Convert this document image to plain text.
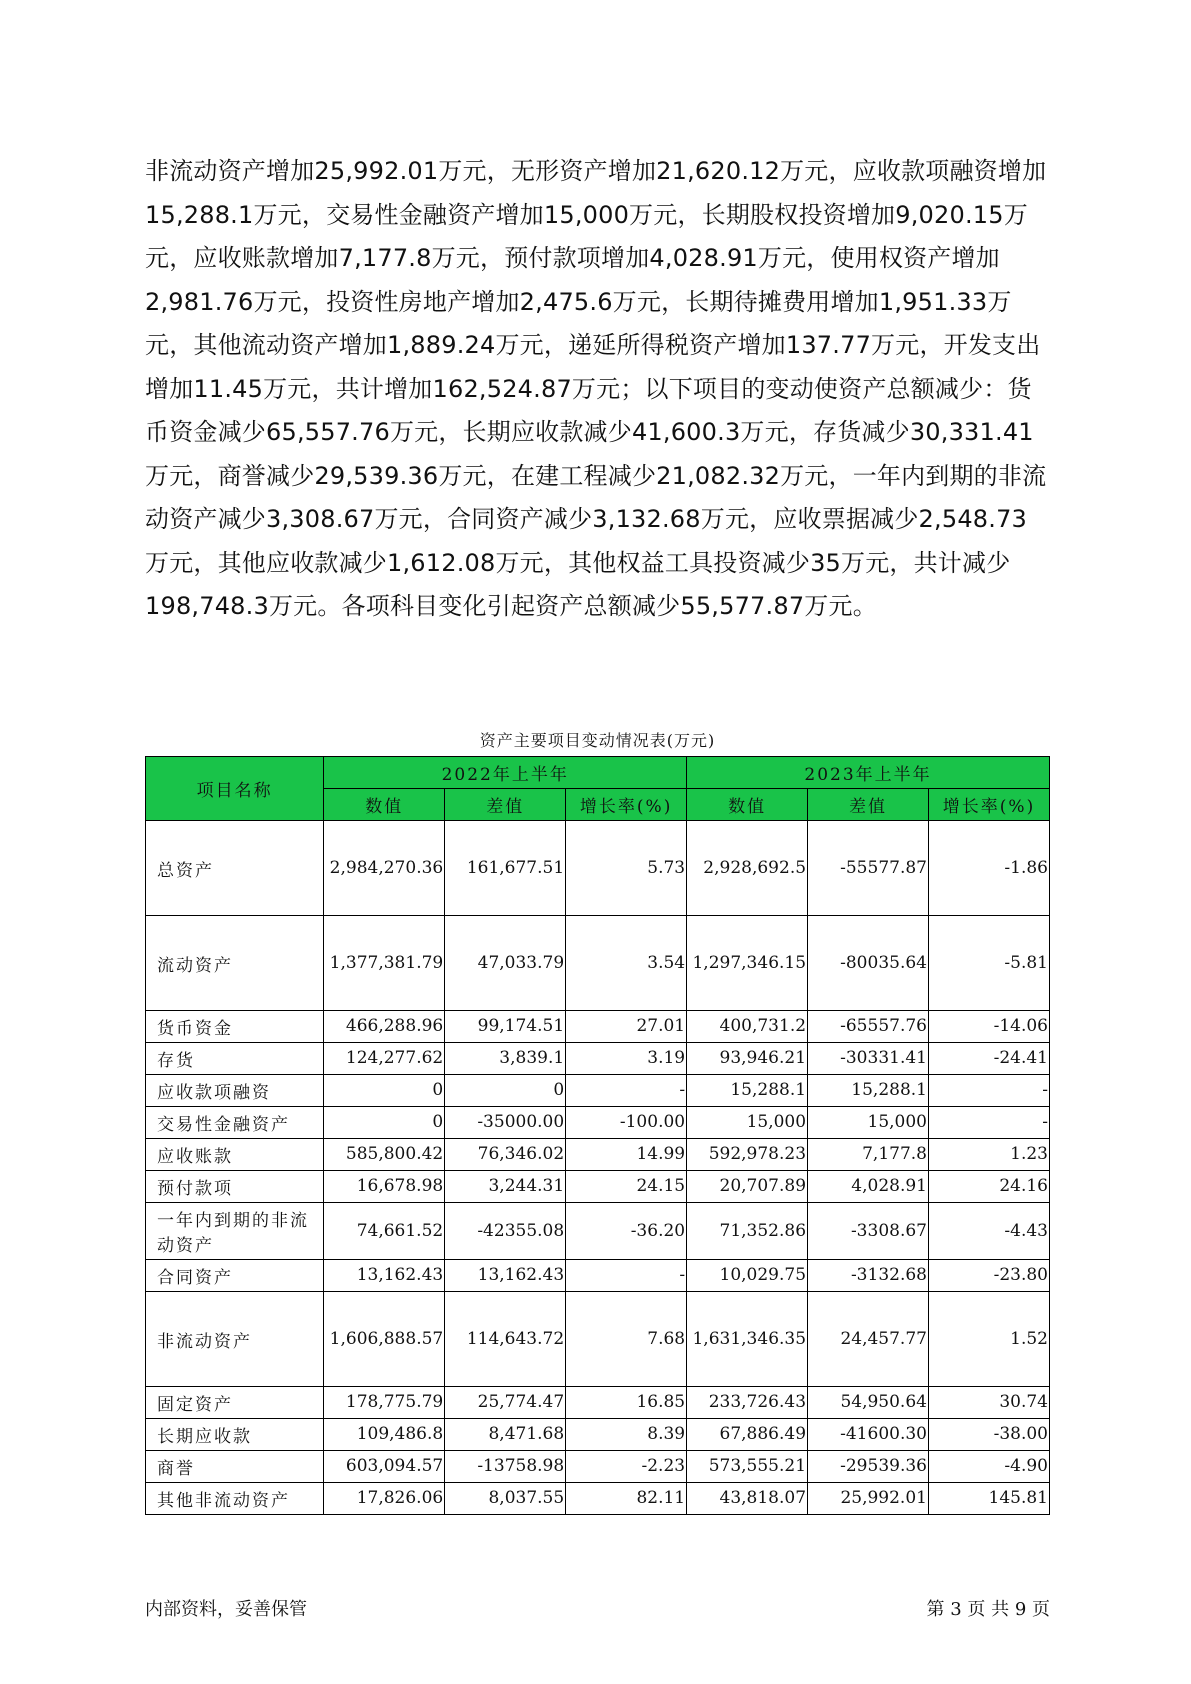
非流动资产增加25,992.01万元，无形资产增加21,620.12万元，应收款项融资增加15,288.1万元，交易性金融资产增加15,000万元，长期股权投资增加9,020.15万元，应收账款增加7,177.8万元，预付款项增加4,028.91万元，使用权资产增加2,981.76万元，投资性房地产增加2,475.6万元，长期待摊费用增加1,951.33万元，其他流动资产增加1,889.24万元，递延所得税资产增加137.77万元，开发支出增加11.45万元，共计增加162,524.87万元；以下项目的变动使资产总额减少：货币资金减少65,557.76万元，长期应收款减少41,600.3万元，存货减少30,331.41万元，商誉减少29,539.36万元，在建工程减少21,082.32万元，一年内到期的非流动资产减少3,308.67万元，合同资产减少3,132.68万元，应收票据减少2,548.73万元，其他应收款减少1,612.08万元，其他权益工具投资减少35万元，共计减少198,748.3万元。各项科目变化引起资产总额减少55,577.87万元。

资产主要项目变动情况表(万元)
项目名称	2022年上半年			2023年上半年		
	数值	差值	增长率(%)	数值	差值	增长率(%)
总资产	2,984,270.36	161,677.51	5.73	2,928,692.5	-55577.87	-1.86
流动资产	1,377,381.79	47,033.79	3.54	1,297,346.15	-80035.64	-5.81
货币资金	466,288.96	99,174.51	27.01	400,731.2	-65557.76	-14.06
存货	124,277.62	3,839.1	3.19	93,946.21	-30331.41	-24.41
应收款项融资	0	0	-	15,288.1	15,288.1	-
交易性金融资产	0	-35000.00	-100.00	15,000	15,000	-
应收账款	585,800.42	76,346.02	14.99	592,978.23	7,177.8	1.23
预付款项	16,678.98	3,244.31	24.15	20,707.89	4,028.91	24.16
一年内到期的非流动资产	74,661.52	-42355.08	-36.20	71,352.86	-3308.67	-4.43
合同资产	13,162.43	13,162.43	-	10,029.75	-3132.68	-23.80
非流动资产	1,606,888.57	114,643.72	7.68	1,631,346.35	24,457.77	1.52
固定资产	178,775.79	25,774.47	16.85	233,726.43	54,950.64	30.74
长期应收款	109,486.8	8,471.68	8.39	67,886.49	-41600.30	-38.00
商誉	603,094.57	-13758.98	-2.23	573,555.21	-29539.36	-4.90
其他非流动资产	17,826.06	8,037.55	82.11	43,818.07	25,992.01	145.81
内部资料，妥善保管	第 3 页 共 9 页
